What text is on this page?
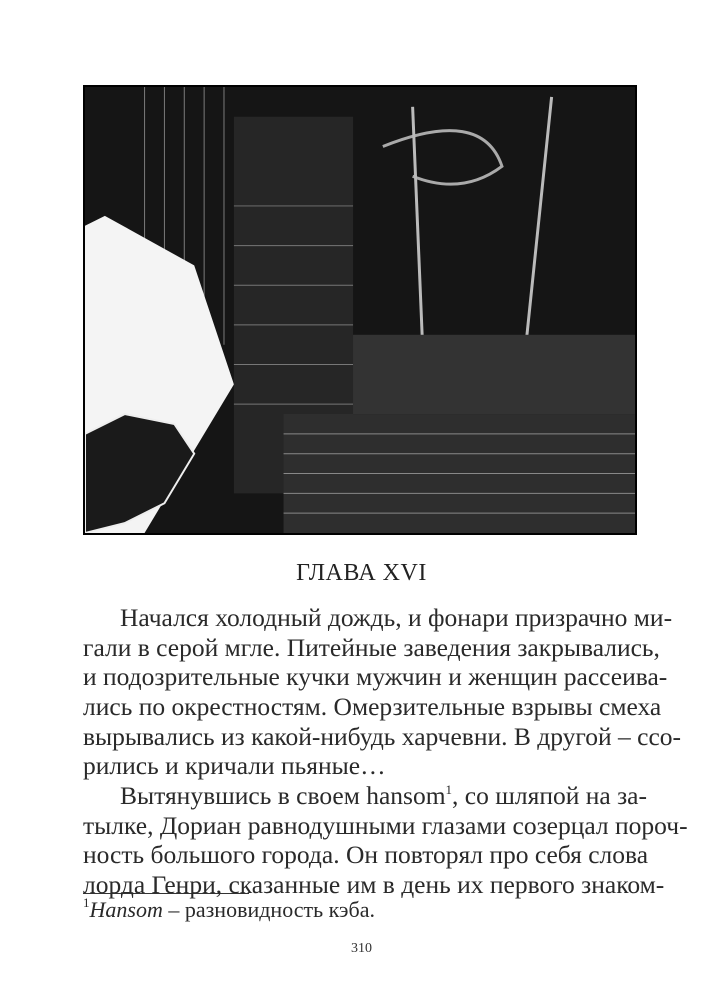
ГЛАВА XVI
Начался холодный дождь, и фонари призрачно ми-
гали в серой мгле. Питейные заведения закрывались,
и подозрительные кучки мужчин и женщин рассеива-
лись по окрестностям. Омерзительные взрывы смеха
вырывались из какой-нибудь харчевни. В другой – ссо-
рились и кричали пьяные…
Вытянувшись в своем hansom$^1$, со шляпой на за-
тылке, Дориан равнодушными глазами созерцал пороч-
ность большого города. Он повторял про себя слова
$^1$Hansom – разновидность кэба.
310
лорда Генри, сказанные им в день их первого знаком-
